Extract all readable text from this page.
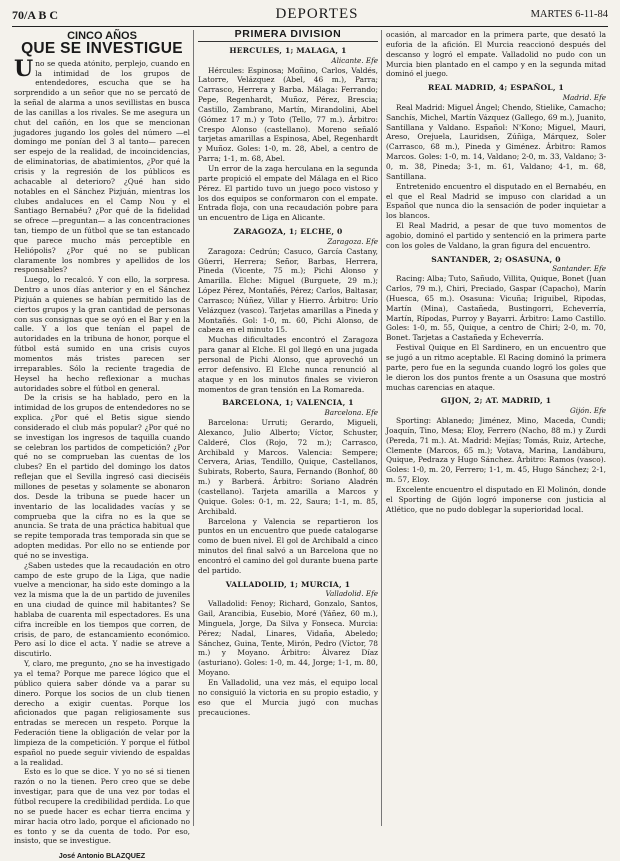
70/A B C	DEPORTES	MARTES 6-11-84
CINCO AÑOS
QUE SE INVESTIGUE

Uno se queda atónito, perplejo, cuando en la intimidad de los grupos de entendedores, escucha que se ha sorprendido a un señor que no se percató de la señal de alarma a unos sevillistas en busca de las canillas a los rivales. Se me asegura un chut del cañón, en los que se mencionan jugadores jugando los goles del número —el domingo me ponían del 3 al tanto— parecen ser espejo de la realidad, de incoincidencias, de eliminatorias, de abatimientos, ¿Por qué la crisis y la regresión de los públicos es achacable al deterioro? ¿Qué han sido notables en el Sánchez Pizjuán, mientras los clubes andaluces en el Camp Nou y el Santiago Bernabéu? ¿Por qué de la fidelidad se ofrece —preguntan— a las concentraciones tan, tiempo de un fútbol que se tan estancado que parece mucho más perceptible en Heliópolis? ¿Por qué no se publican claramente los nombres y apellidos de los responsables?

Luego, lo recalcó. Y con ello, la sorpresa. Dentro a unos días anterior y en el Sánchez Pizjuán a quienes se habían permitido las de ciertos grupos y la gran cantidad de personas con sus consignas que se oyó en el Bar y en la calle. Y a los que tenían el papel de autoridades en la tribuna de honor, porque el fútbol está sumido en una crisis cuyos momentos más tristes parecen ser irreparables. Sólo la reciente tragedia de Heysel ha hecho reflexionar a muchas autoridades sobre el fútbol en general.

De la crisis se ha hablado, pero en la intimidad de los grupos de entendedores no se explica. ¿Por qué el Betis sigue siendo considerado el club más popular? ¿Por qué no se investigan los ingresos de taquilla cuando se celebran los partidos de competición? ¿Por qué no se comprueban las cuentas de los clubes? En el partido del domingo los datos reflejan que el Sevilla ingresó casi dieciséis millones de pesetas y solamente se abonaron dos. Desde la tribuna se puede hacer un inventario de las localidades vacías y se comprueba que la cifra no es la que se anuncia. Se trata de una práctica habitual que se repite temporada tras temporada sin que se adopten medidas. Por ello no se entiende por qué no se investiga.

¿Saben ustedes que la recaudación en otro campo de este grupo de la Liga, que nadie vuelve a mencionar, ha sido este domingo a la vez la misma que la de un partido de juveniles en una ciudad de quince mil habitantes? Se hablaba de cuarenta mil espectadores. Es una cifra increíble en los tiempos que corren, de crisis, de paro, de estancamiento económico. Pero así lo dice el acta. Y nadie se atreve a discutirlo.

Y, claro, me pregunto, ¿no se ha investigado ya el tema? Porque me parece lógico que el público quiera saber dónde va a parar su dinero. Porque los socios de un club tienen derecho a exigir cuentas. Porque los aficionados que pagan religiosamente sus entradas se merecen un respeto. Porque la Federación tiene la obligación de velar por la limpieza de la competición. Y porque el fútbol español no puede seguir viviendo de espaldas a la realidad.

Esto es lo que se dice. Y yo no sé si tienen razón o no la tienen. Pero creo que se debe investigar, para que de una vez por todas el fútbol recupere la credibilidad perdida. Lo que no se puede hacer es echar tierra encima y mirar hacia otro lado, porque el aficionado no es tonto y se da cuenta de todo. Por eso, insisto, que se investigue.

José Antonio BLAZQUEZ
PRIMERA DIVISION
HERCULES, 1; MALAGA, 1
Alicante. Efe

Hércules: Espinosa; Moñino, Carlos, Valdés, Latorre, Velázquez (Abel, 46 m.), Parra; Carrasco, Herrera y Barba. Málaga: Ferrando; Pepe, Regenhardt, Muñoz, Pérez, Brescia; Castillo, Zambrano, Martín, Mirandolini, Abel (Gómez 17 m.) y Toto (Tello, 77 m.). Árbitro: Crespo Alonso (castellano). Moreno señaló tarjetas amarillas a Espinosa, Abel, Regenhardt y Muñoz. Goles: 1-0, m. 28, Abel, a centro de Parra; 1-1, m. 68, Abel.

Un error de la zaga herculana en la segunda parte propició el empate del Málaga en el Rico Pérez. El partido tuvo un juego poco vistoso y los dos equipos se conformaron con el empate. Entrada floja, con una recaudación pobre para un encuentro de Liga en Alicante.

ZARAGOZA, 1; ELCHE, 0
Zaragoza. Efe

Zaragoza: Cedrún; Casuco, García Castany, Güerri, Herrera; Señor, Barbas, Herrera, Pineda (Vicente, 75 m.); Pichi Alonso y Amarilla. Elche: Miguel (Burguete, 29 m.); López Pérez, Montañés, Pérez; Carlos, Baltasar, Carrasco; Núñez, Villar y Hierro. Árbitro: Urío Velázquez (vasco). Tarjetas amarillas a Pineda y Montañés. Gol: 1-0, m. 60, Pichi Alonso, de cabeza en el minuto 15.

Muchas dificultades encontró el Zaragoza para ganar al Elche. El gol llegó en una jugada personal de Pichi Alonso, que aprovechó un error defensivo. El Elche nunca renunció al ataque y en los minutos finales se vivieron momentos de gran tensión en La Romareda.

BARCELONA, 1; VALENCIA, 1
Barcelona. Efe

Barcelona: Urruti; Gerardo, Migueli, Alexanco, Julio Alberto; Víctor, Schuster, Calderé, Clos (Rojo, 72 m.); Carrasco, Archibald y Marcos. Valencia: Sempere; Cervera, Arias, Tendillo, Quique, Castellanos, Subirats, Roberto, Saura, Fernando (Bonhof, 80 m.) y Barberá. Árbitro: Soriano Aladrén (castellano). Tarjeta amarilla a Marcos y Quique. Goles: 0-1, m. 22, Saura; 1-1, m. 85, Archibald.

Barcelona y Valencia se repartieron los puntos en un encuentro que puede catalogarse como de buen nivel. El gol de Archibald a cinco minutos del final salvó a un Barcelona que no encontró el camino del gol durante buena parte del partido.

VALLADOLID, 1; MURCIA, 1
Valladolid. Efe

Valladolid: Fenoy; Richard, Gonzalo, Santos, Gail, Arancibia, Eusebio, Moré (Yáñez, 60 m.), Minguela, Jorge, Da Silva y Fonseca. Murcia: Pérez; Nadal, Linares, Vidaña, Abeledo; Sánchez, Guina, Tente, Mirón, Pedro (Víctor, 78 m.) y Moyano. Árbitro: Álvarez Díaz (asturiano). Goles: 1-0, m. 44, Jorge; 1-1, m. 80, Moyano.

En Valladolid, una vez más, el equipo local no consiguió la victoria en su propio estadio, y eso que el Murcia jugó con muchas precauciones.

ocasión, al marcador en la primera parte, que desató la euforia de la afición. El Murcia reaccionó después del descanso y logró el empate. Valladolid no pudo con un Murcia bien plantado en el campo y en la segunda mitad dominó el juego.

REAL MADRID, 4; ESPAÑOL, 1
Madrid. Efe

Real Madrid: Miguel Ángel; Chendo, Stielike, Camacho; Sanchís, Michel, Martín Vázquez (Gallego, 69 m.), Juanito, Santillana y Valdano. Español: N'Kono; Miguel, Mauri, Areso, Orejuela, Lauridsen, Zúñiga, Márquez, Soler (Carrasco, 68 m.), Pineda y Giménez. Árbitro: Ramos Marcos. Goles: 1-0, m. 14, Valdano; 2-0, m. 33, Valdano; 3-0, m. 38, Pineda; 3-1, m. 61, Valdano; 4-1, m. 68, Santillana.

Entretenido encuentro el disputado en el Bernabéu, en el que el Real Madrid se impuso con claridad a un Español que nunca dio la sensación de poder inquietar a los blancos.

El Real Madrid, a pesar de que tuvo momentos de agobio, dominó el partido y sentenció en la primera parte con los goles de Valdano, la gran figura del encuentro.

SANTANDER, 2; OSASUNA, 0
Santander. Efe

Racing: Alba; Tuto, Sañudo, Villita, Quique, Bonet (Juan Carlos, 79 m.), Chiri, Preciado, Gaspar (Capacho), Marín (Huesca, 65 m.). Osasuna: Vicuña; Iriguibel, Ripodas, Martín (Mina), Castañeda, Bustingorri, Echeverría, Martín, Rípodas, Purroy y Bayarri. Árbitro: Lamo Castillo. Goles: 1-0, m. 55, Quique, a centro de Chiri; 2-0, m. 70, Bonet. Tarjetas a Castañeda y Echeverría.

Festival Quique en El Sardinero, en un encuentro que se jugó a un ritmo aceptable. El Racing dominó la primera parte, pero fue en la segunda cuando logró los goles que le dieron los dos puntos frente a un Osasuna que mostró muchas carencias en ataque.

GIJON, 2; AT. MADRID, 1
Gijón. Efe

Sporting: Ablanedo; Jiménez, Mino, Maceda, Cundi; Joaquín, Tino, Mesa; Eloy, Ferrero (Nacho, 88 m.) y Zurdi (Pereda, 71 m.). At. Madrid: Mejías; Tomás, Ruiz, Arteche, Clemente (Marcos, 65 m.); Votava, Marina, Landáburu, Quique, Pedraza y Hugo Sánchez. Árbitro: Ramos (vasco). Goles: 1-0, m. 20, Ferrero; 1-1, m. 45, Hugo Sánchez; 2-1, m. 57, Eloy.

Excelente encuentro el disputado en El Molinón, donde el Sporting de Gijón logró imponerse con justicia al Atlético, que no pudo doblegar la superioridad local.
